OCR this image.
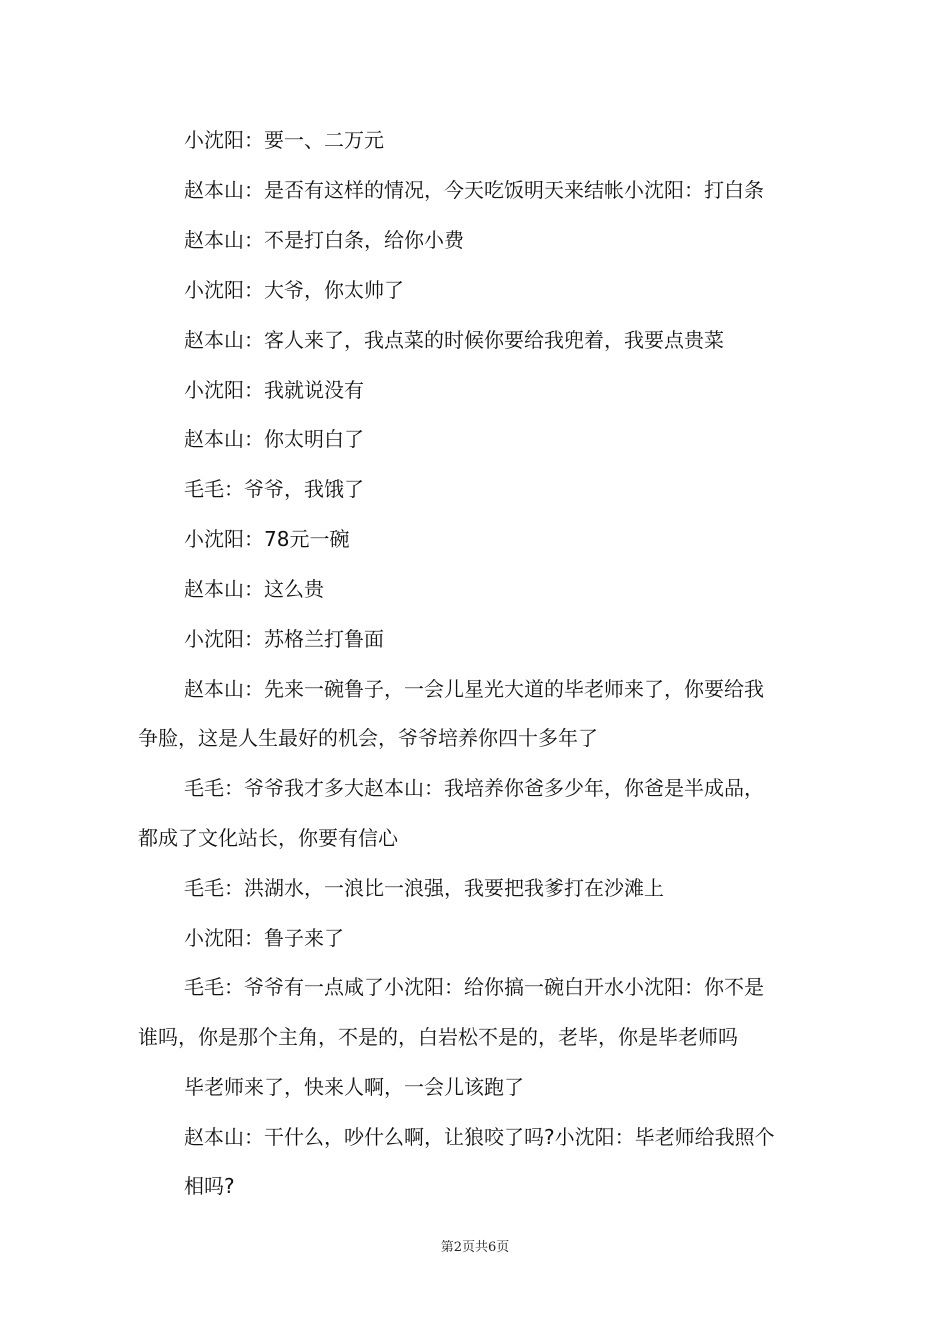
小沈阳：要一、二万元
赵本山：是否有这样的情况，今天吃饭明天来结帐小沈阳：打白条
赵本山：不是打白条，给你小费
小沈阳：大爷，你太帅了
赵本山：客人来了，我点菜的时候你要给我兜着，我要点贵菜
小沈阳：我就说没有
赵本山：你太明白了
毛毛：爷爷，我饿了
小沈阳：78元一碗
赵本山：这么贵
小沈阳：苏格兰打鲁面
赵本山：先来一碗鲁子，一会儿星光大道的毕老师来了，你要给我
争脸，这是人生最好的机会，爷爷培养你四十多年了
毛毛：爷爷我才多大赵本山：我培养你爸多少年，你爸是半成品，
都成了文化站长，你要有信心
毛毛：洪湖水，一浪比一浪强，我要把我爹打在沙滩上
小沈阳：鲁子来了
毛毛：爷爷有一点咸了小沈阳：给你搞一碗白开水小沈阳：你不是
谁吗，你是那个主角，不是的，白岩松不是的，老毕，你是毕老师吗
毕老师来了，快来人啊，一会儿该跑了
赵本山：干什么，吵什么啊，让狼咬了吗?小沈阳：毕老师给我照个
相吗?
第2页共6页
